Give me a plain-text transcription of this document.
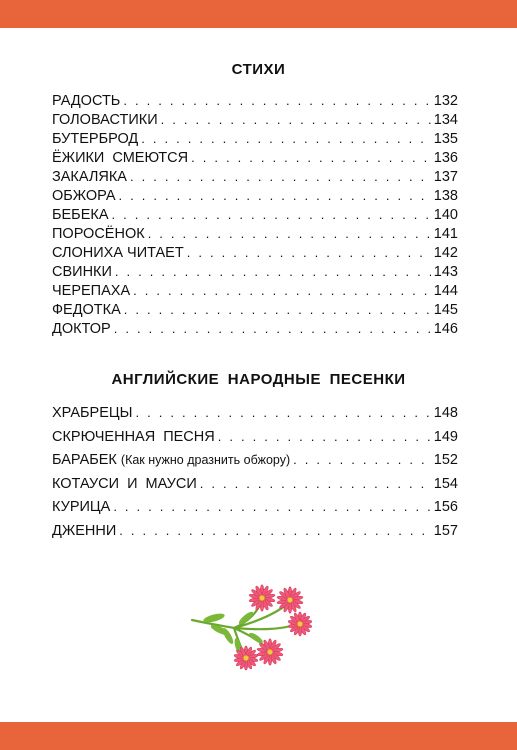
СТИХИ
РАДОСТЬ . . .	132
ГОЛОВАСТИКИ . . .	134
БУТЕРБРОД . . .	135
ЁЖИКИ СМЕЮТСЯ . . .	136
ЗАКАЛЯКА . . .	137
ОБЖОРА . . .	138
БЕБЕКА . . .	140
ПОРОСЁНОК . . .	141
СЛОНИХА ЧИТАЕТ . . .	142
СВИНКИ . . .	143
ЧЕРЕПАХА . . .	144
ФЕДОТКА . . .	145
ДОКТОР . . .	146
АНГЛИЙСКИЕ НАРОДНЫЕ ПЕСЕНКИ
ХРАБРЕЦЫ . . .	148
СКРЮЧЕННАЯ ПЕСНЯ . . .	149
БАРАБЕК (Как нужно дразнить обжору) . . .	152
КОТАУСИ И МАУСИ . . .	154
КУРИЦА . . .	156
ДЖЕННИ . . .	157
